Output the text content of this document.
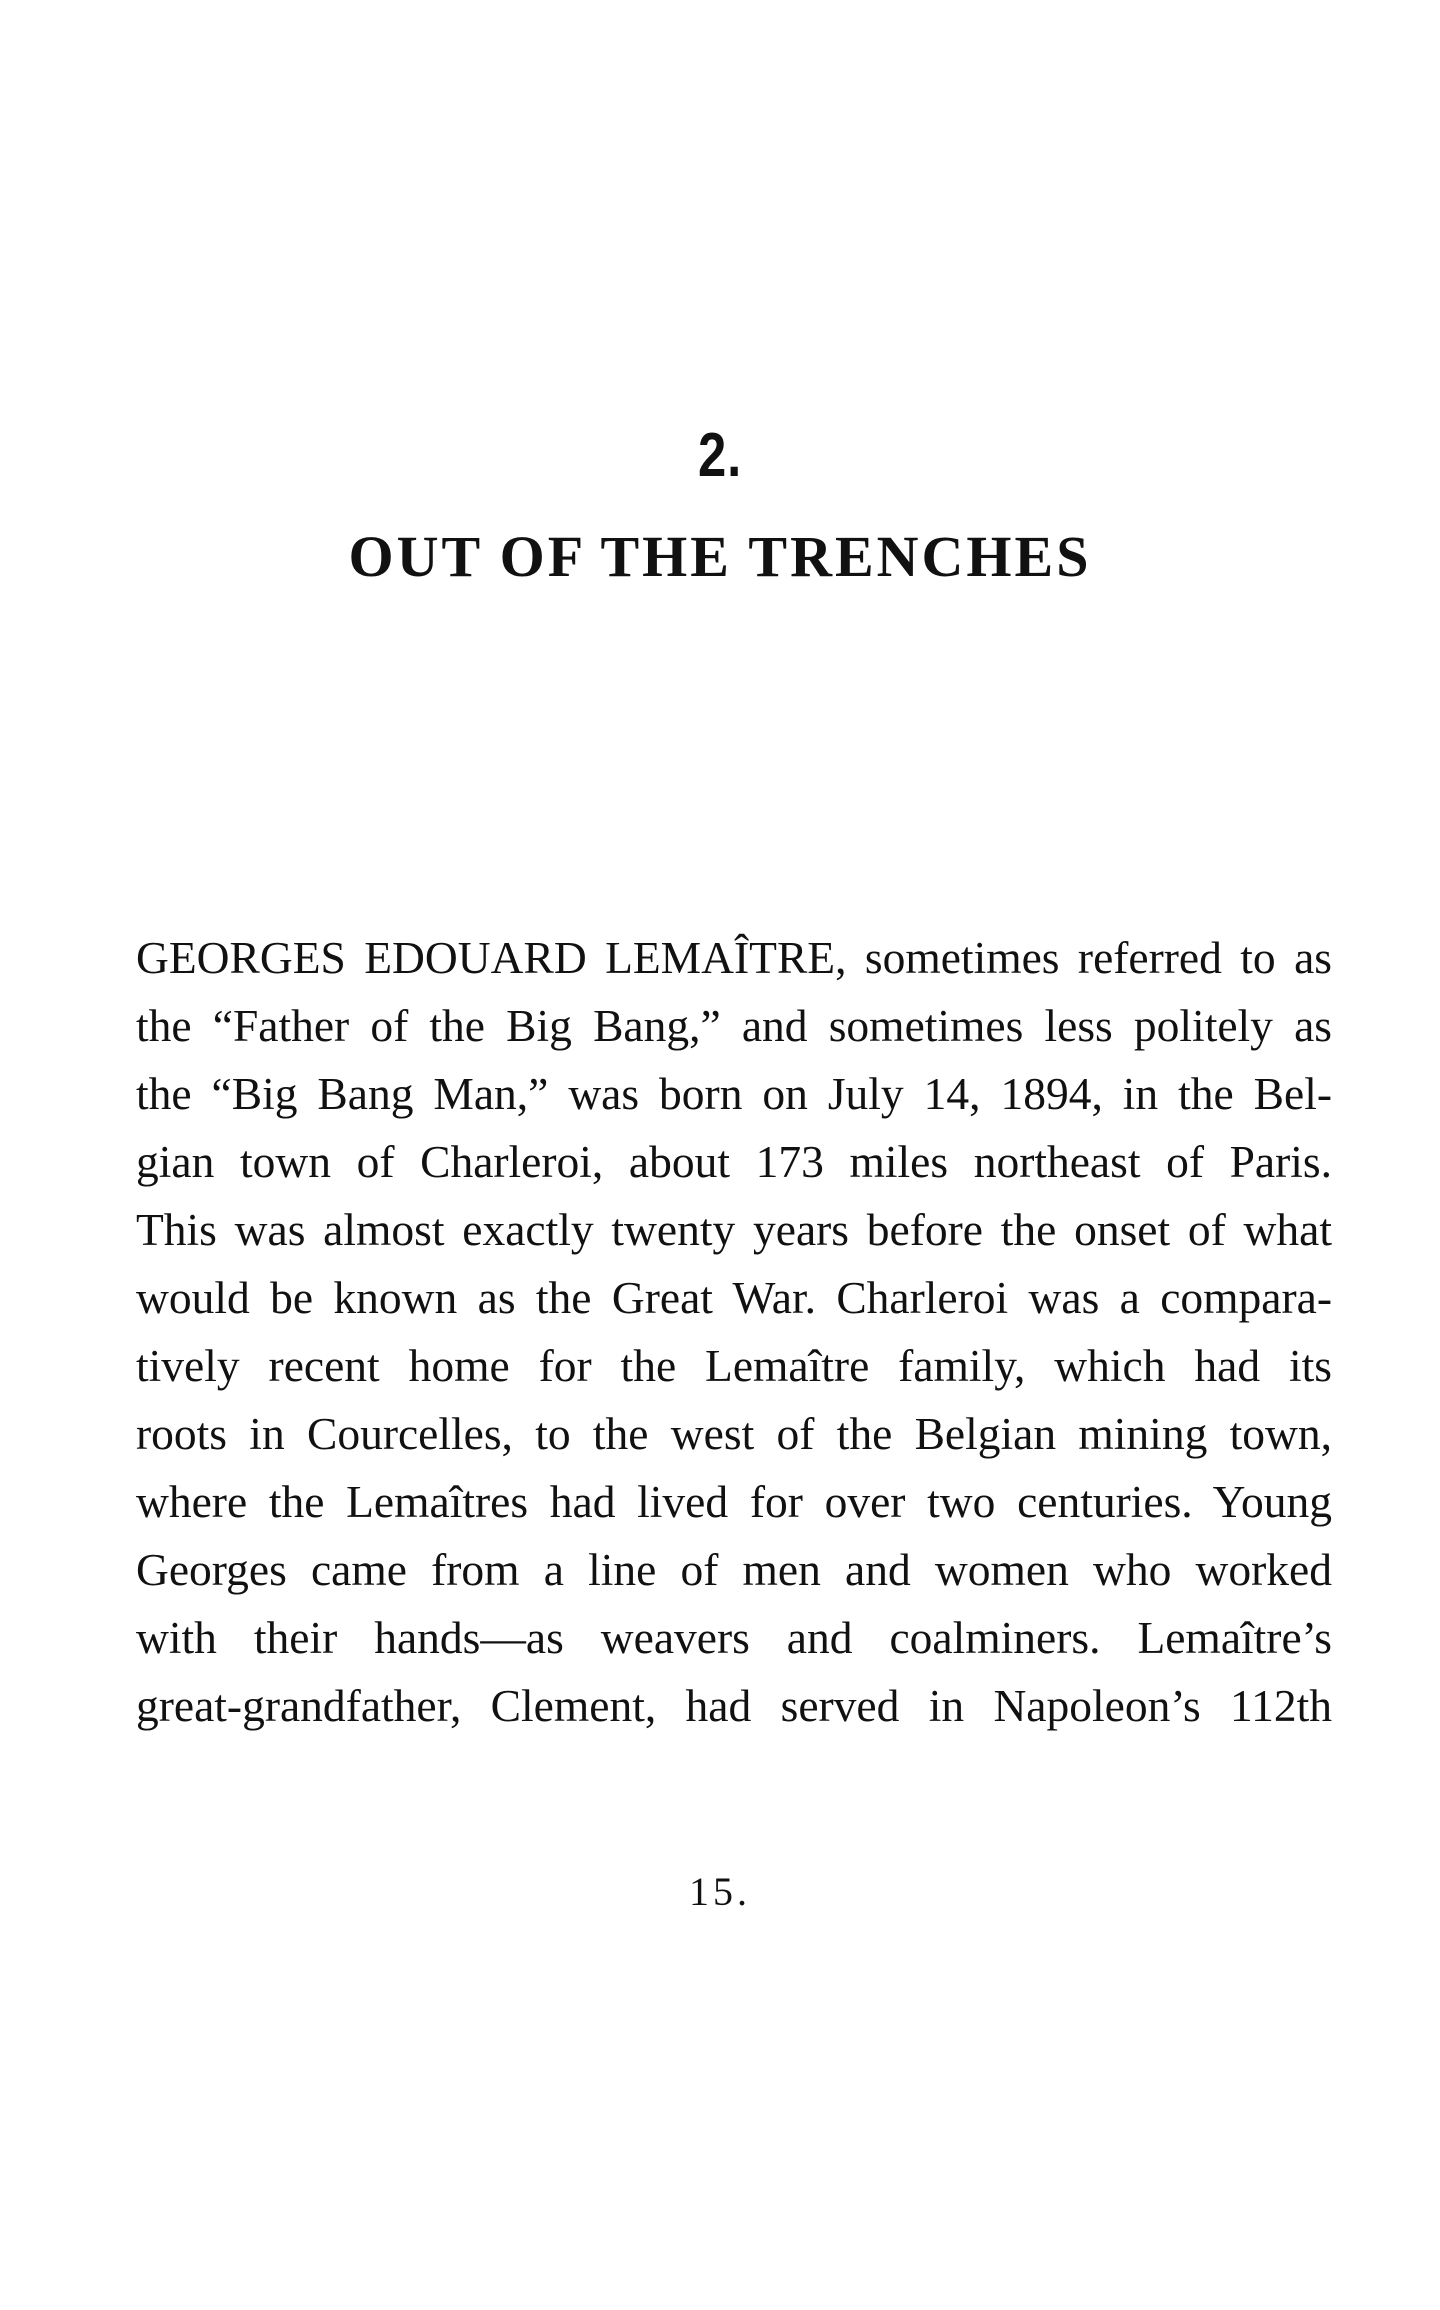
2.
OUT OF THE TRENCHES
GEORGES EDOUARD LEMAÎTRE, sometimes referred to as
the “Father of the Big Bang,” and sometimes less politely as
the “Big Bang Man,” was born on July 14, 1894, in the Bel-
gian town of Charleroi, about 173 miles northeast of Paris.
This was almost exactly twenty years before the onset of what
would be known as the Great War. Charleroi was a compara-
tively recent home for the Lemaître family, which had its
roots in Courcelles, to the west of the Belgian mining town,
where the Lemaîtres had lived for over two centuries. Young
Georges came from a line of men and women who worked
with their hands—as weavers and coalminers. Lemaître’s
great-grandfather, Clement, had served in Napoleon’s 112th
15.
